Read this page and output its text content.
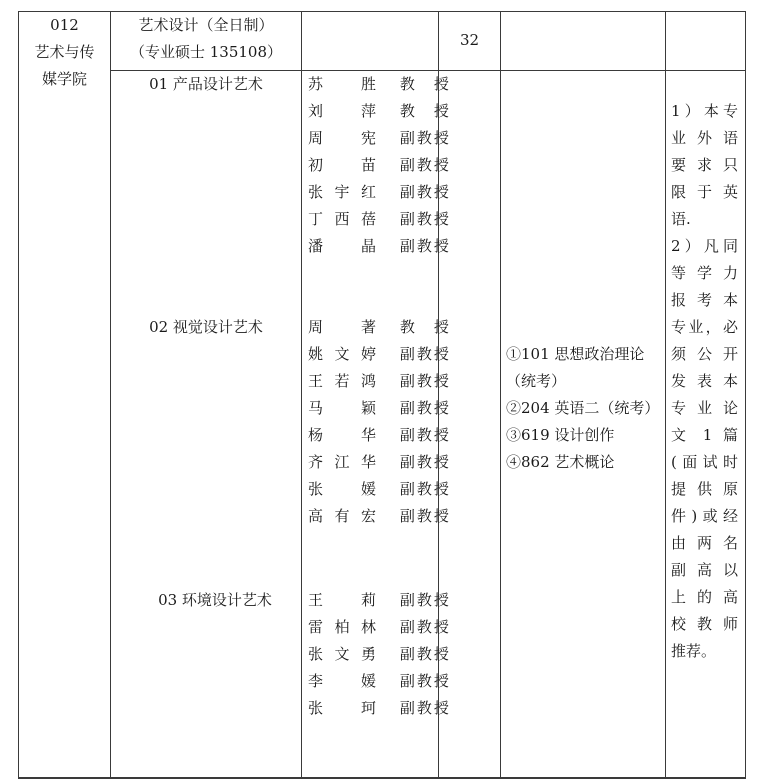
012
艺术与传
媒学院
艺术设计（全日制）
（专业硕士 135108）
32
01 产品设计艺术
02 视觉设计艺术
03 环境设计艺术
苏　胜 教　授
刘　萍 教　授
周　宪 副教授
初　苗 副教授
张宇红 副教授
丁西蓓 副教授
潘　晶 副教授
周　著 教　授
姚文婷 副教授
王若鸿 副教授
马　颖 副教授
杨　华 副教授
齐江华 副教授
张　媛 副教授
高有宏 副教授
王　莉 副教授
雷柏林 副教授
张文勇 副教授
李　媛 副教授
张　珂 副教授
①101 思想政治理论
（统考）
②204 英语二（统考）
③619 设计创作
④862 艺术概论
1）本专
业外语
要求只
限于英
语.
2）凡同
等学力
报考本
专业，必
须公开
发表本
专业论
文 1 篇
(面试时
提供原
件)或经
由两名
副高以
上的高
校教师
推荐。
